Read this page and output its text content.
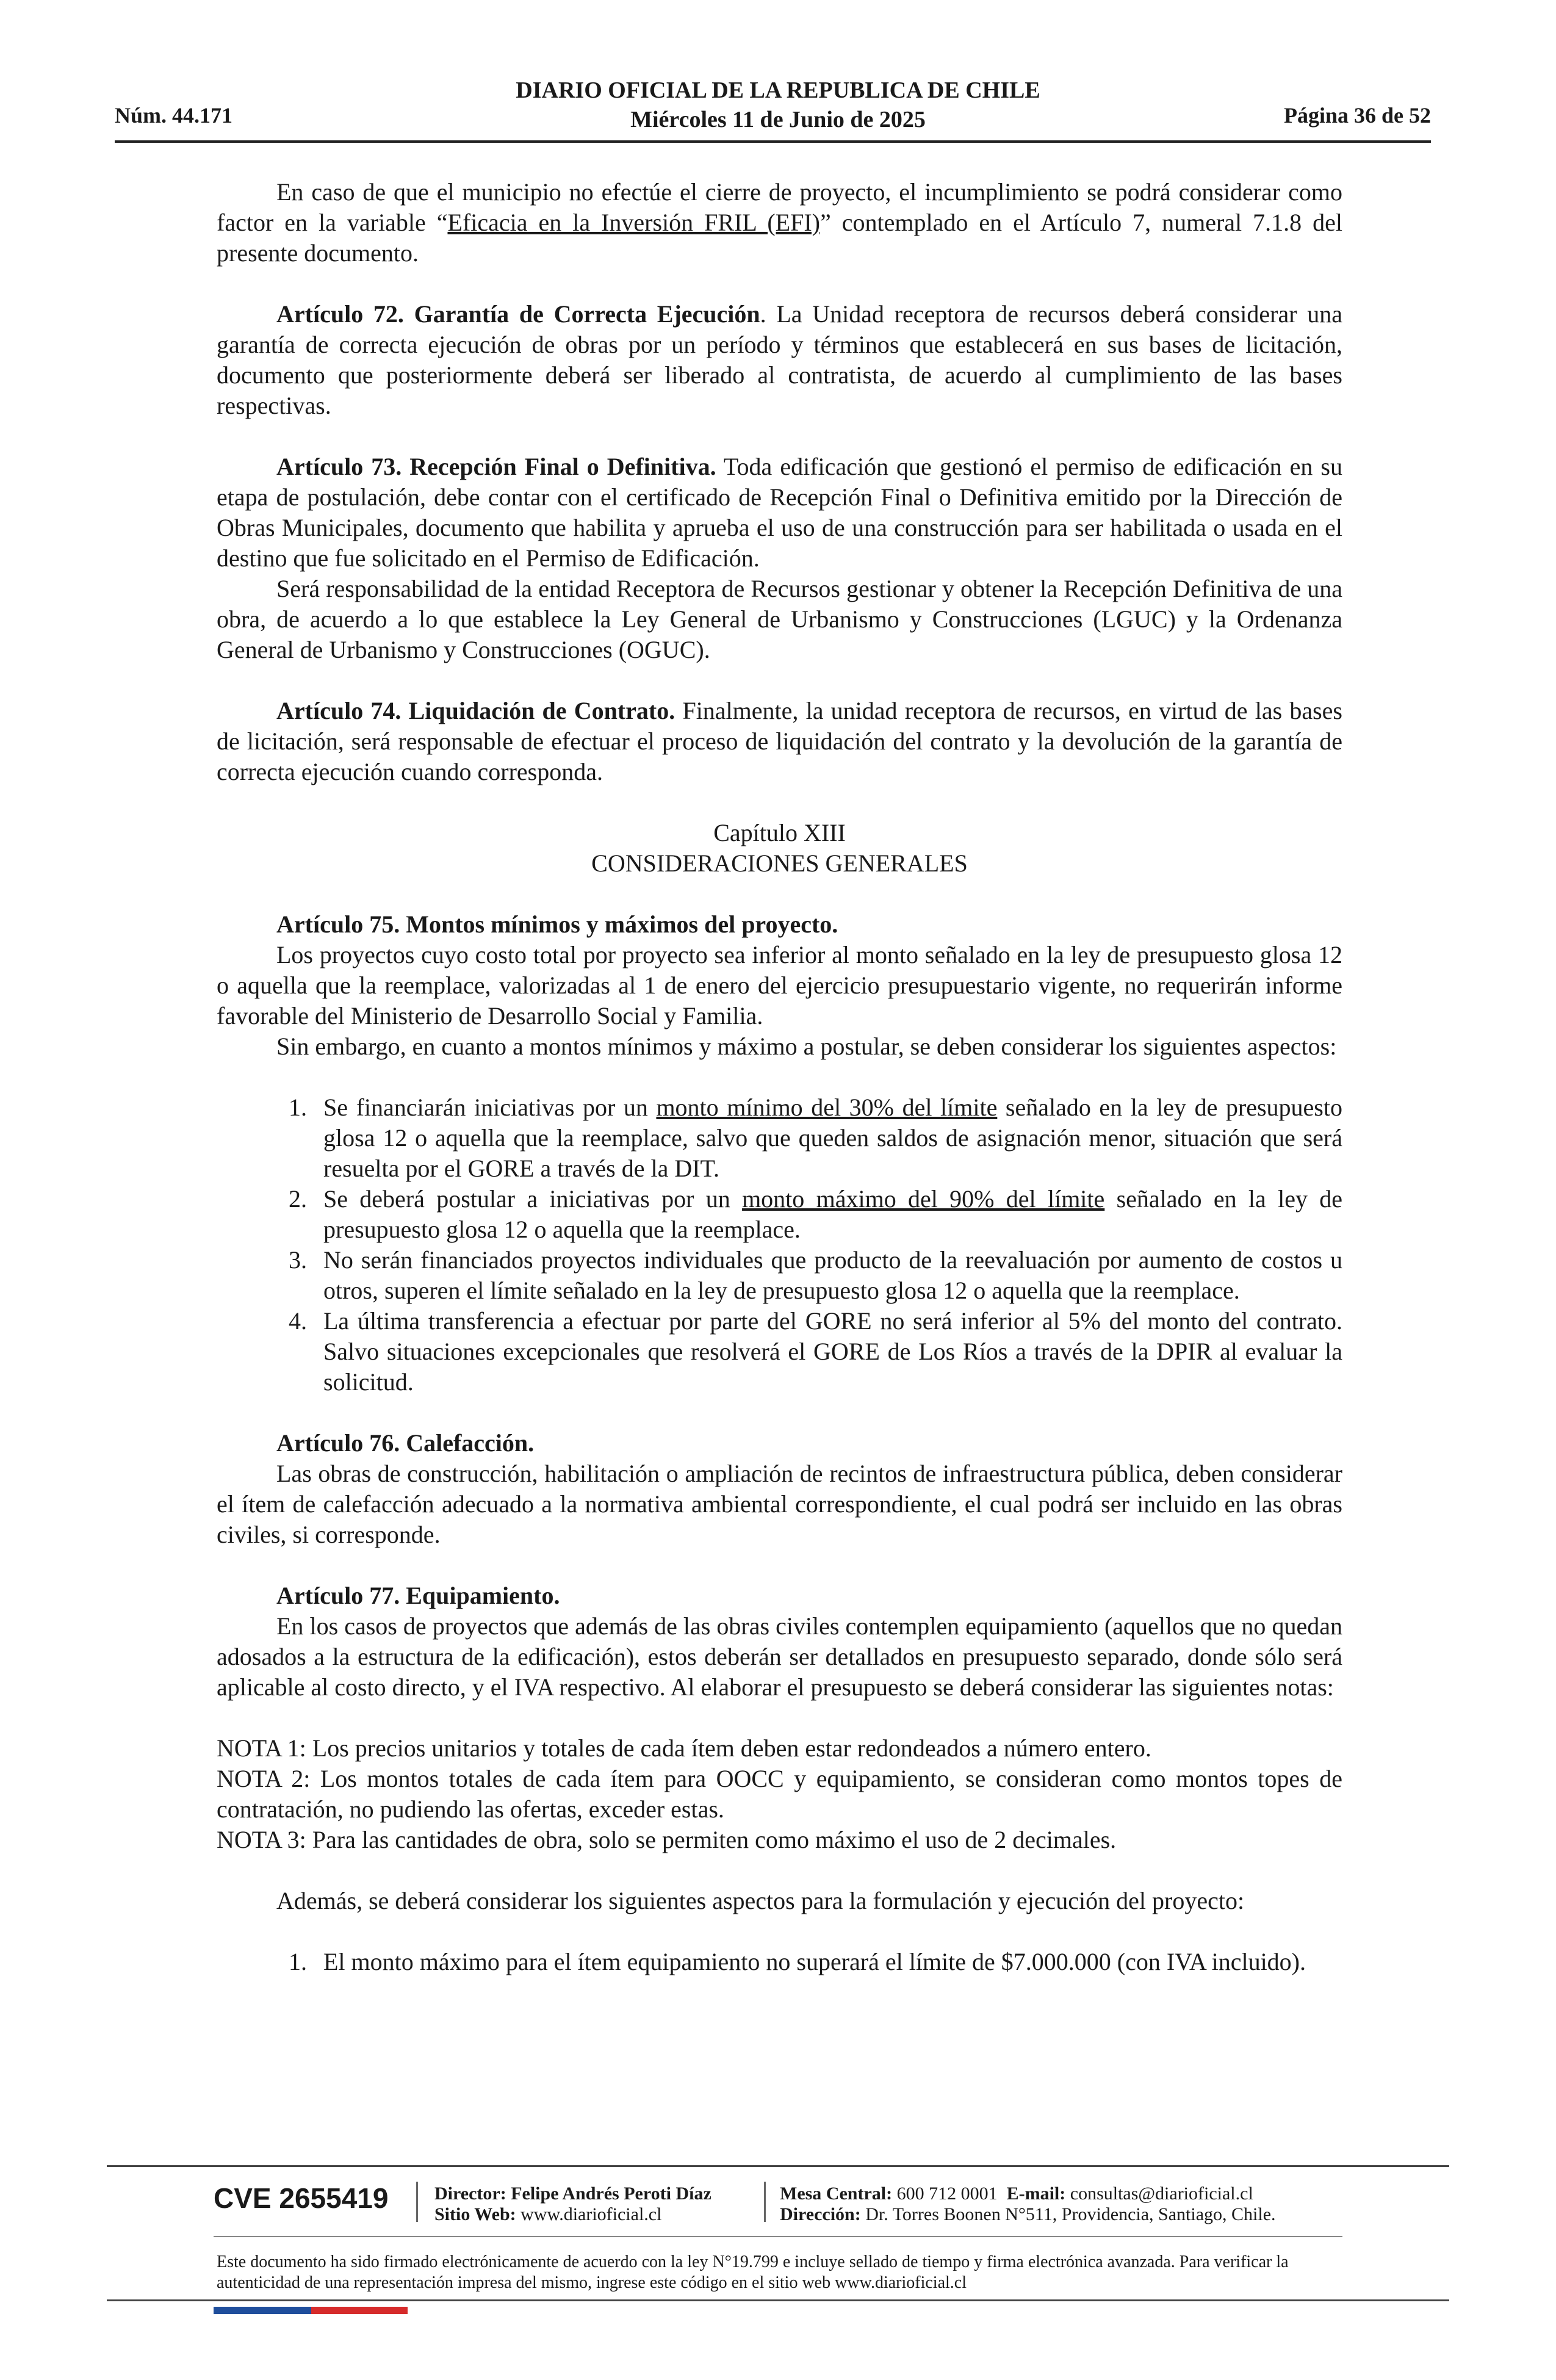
Núm. 44.171
DIARIO OFICIAL DE LA REPUBLICA DE CHILE
Miércoles 11 de Junio de 2025	Página 36 de 52

En caso de que el municipio no efectúe el cierre de proyecto, el incumplimiento se podrá considerar como factor en la variable “Eficacia en la Inversión FRIL (EFI)” contemplado en el Artículo 7, numeral 7.1.8 del presente documento.

Artículo 72. Garantía de Correcta Ejecución. La Unidad receptora de recursos deberá considerar una garantía de correcta ejecución de obras por un período y términos que establecerá en sus bases de licitación, documento que posteriormente deberá ser liberado al contratista, de acuerdo al cumplimiento de las bases respectivas.

Artículo 73. Recepción Final o Definitiva. Toda edificación que gestionó el permiso de edificación en su etapa de postulación, debe contar con el certificado de Recepción Final o Definitiva emitido por la Dirección de Obras Municipales, documento que habilita y aprueba el uso de una construcción para ser habilitada o usada en el destino que fue solicitado en el Permiso de Edificación.

Será responsabilidad de la entidad Receptora de Recursos gestionar y obtener la Recepción Definitiva de una obra, de acuerdo a lo que establece la Ley General de Urbanismo y Construcciones (LGUC) y la Ordenanza General de Urbanismo y Construcciones (OGUC).

Artículo 74. Liquidación de Contrato. Finalmente, la unidad receptora de recursos, en virtud de las bases de licitación, será responsable de efectuar el proceso de liquidación del contrato y la devolución de la garantía de correcta ejecución cuando corresponda.

Capítulo XIII

CONSIDERACIONES GENERALES

Artículo 75. Montos mínimos y máximos del proyecto.

Los proyectos cuyo costo total por proyecto sea inferior al monto señalado en la ley de presupuesto glosa 12 o aquella que la reemplace, valorizadas al 1 de enero del ejercicio presupuestario vigente, no requerirán informe favorable del Ministerio de Desarrollo Social y Familia.

Sin embargo, en cuanto a montos mínimos y máximo a postular, se deben considerar los siguientes aspectos:

1. Se financiarán iniciativas por un monto mínimo del 30% del límite señalado en la ley de presupuesto glosa 12 o aquella que la reemplace, salvo que queden saldos de asignación menor, situación que será resuelta por el GORE a través de la DIT.
2. Se deberá postular a iniciativas por un monto máximo del 90% del límite señalado en la ley de presupuesto glosa 12 o aquella que la reemplace.
3. No serán financiados proyectos individuales que producto de la reevaluación por aumento de costos u otros, superen el límite señalado en la ley de presupuesto glosa 12 o aquella que la reemplace.
4. La última transferencia a efectuar por parte del GORE no será inferior al 5% del monto del contrato. Salvo situaciones excepcionales que resolverá el GORE de Los Ríos a través de la DPIR al evaluar la solicitud.

Artículo 76. Calefacción.

Las obras de construcción, habilitación o ampliación de recintos de infraestructura pública, deben considerar el ítem de calefacción adecuado a la normativa ambiental correspondiente, el cual podrá ser incluido en las obras civiles, si corresponde.

Artículo 77. Equipamiento.

En los casos de proyectos que además de las obras civiles contemplen equipamiento (aquellos que no quedan adosados a la estructura de la edificación), estos deberán ser detallados en presupuesto separado, donde sólo será aplicable al costo directo, y el IVA respectivo. Al elaborar el presupuesto se deberá considerar las siguientes notas:

NOTA 1: Los precios unitarios y totales de cada ítem deben estar redondeados a número entero.

NOTA 2: Los montos totales de cada ítem para OOCC y equipamiento, se consideran como montos topes de contratación, no pudiendo las ofertas, exceder estas.

NOTA 3: Para las cantidades de obra, solo se permiten como máximo el uso de 2 decimales.

Además, se deberá considerar los siguientes aspectos para la formulación y ejecución del proyecto:

1. El monto máximo para el ítem equipamiento no superará el límite de $7.000.000 (con IVA incluido).
CVE 2655419	Director: Felipe Andrés Peroti Díaz
Sitio Web: www.diarioficial.cl
Mesa Central: 600 712 0001 E-mail: consultas@diarioficial.cl
Dirección: Dr. Torres Boonen N°511, Providencia, Santiago, Chile.
Este documento ha sido firmado electrónicamente de acuerdo con la ley N°19.799 e incluye sellado de tiempo y firma electrónica avanzada. Para verificar la autenticidad de una representación impresa del mismo, ingrese este código en el sitio web www.diarioficial.cl
